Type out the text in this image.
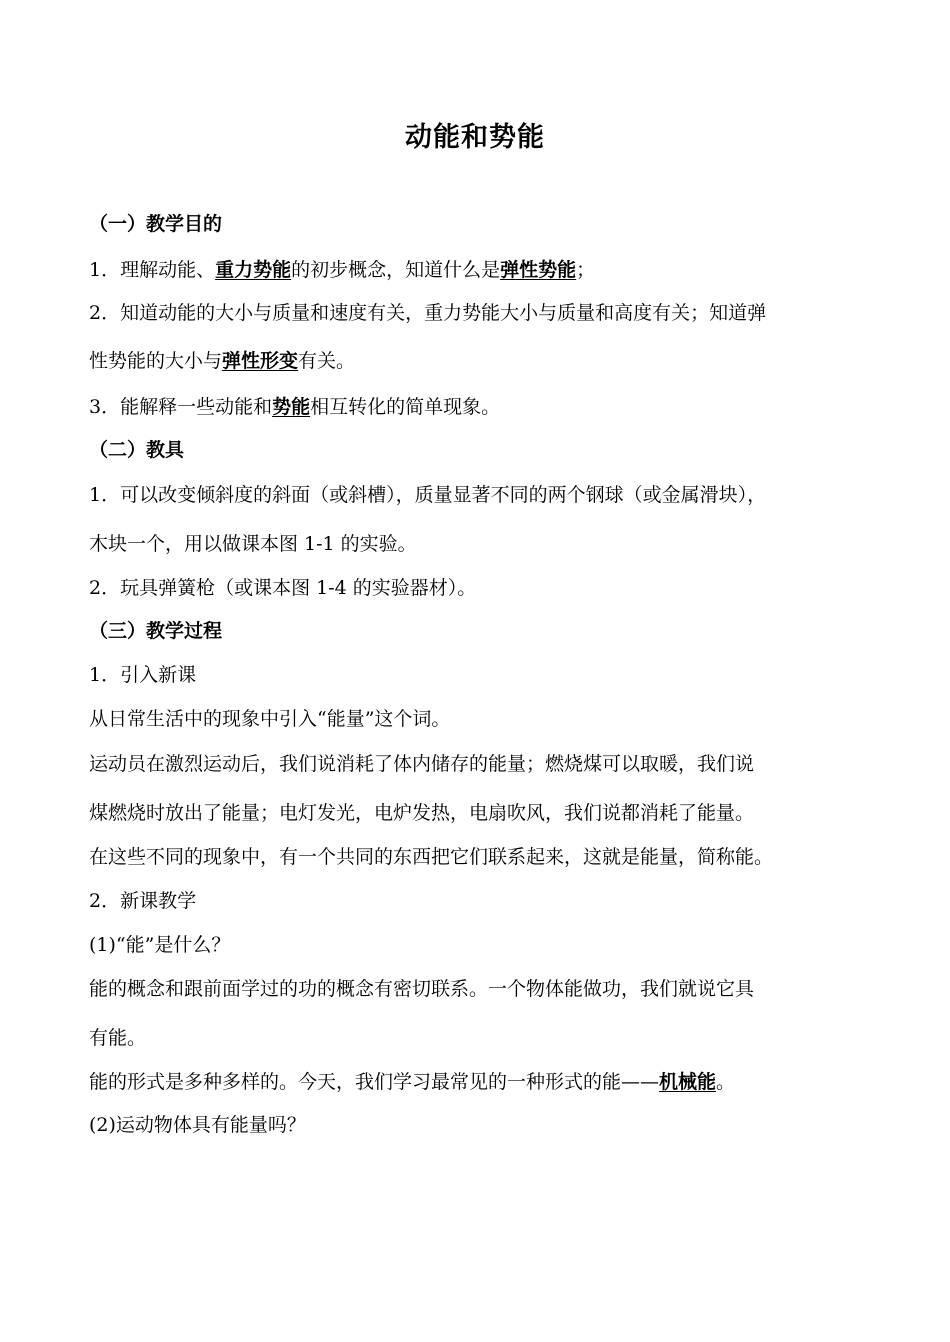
动能和势能
（一）教学目的
1．理解动能、重力势能的初步概念，知道什么是弹性势能；
2．知道动能的大小与质量和速度有关，重力势能大小与质量和高度有关；知道弹
性势能的大小与弹性形变有关。
3．能解释一些动能和势能相互转化的简单现象。
（二）教具
1．可以改变倾斜度的斜面（或斜槽），质量显著不同的两个钢球（或金属滑块），
木块一个，用以做课本图 1-1 的实验。
2．玩具弹簧枪（或课本图 1-4 的实验器材）。
（三）教学过程
1．引入新课
从日常生活中的现象中引入“能量”这个词。
运动员在激烈运动后，我们说消耗了体内储存的能量；燃烧煤可以取暖，我们说
煤燃烧时放出了能量；电灯发光，电炉发热，电扇吹风，我们说都消耗了能量。
在这些不同的现象中，有一个共同的东西把它们联系起来，这就是能量，简称能。
2．新课教学
(1)“能”是什么？
能的概念和跟前面学过的功的概念有密切联系。一个物体能做功，我们就说它具
有能。
能的形式是多种多样的。今天，我们学习最常见的一种形式的能——机械能。
(2)运动物体具有能量吗？
